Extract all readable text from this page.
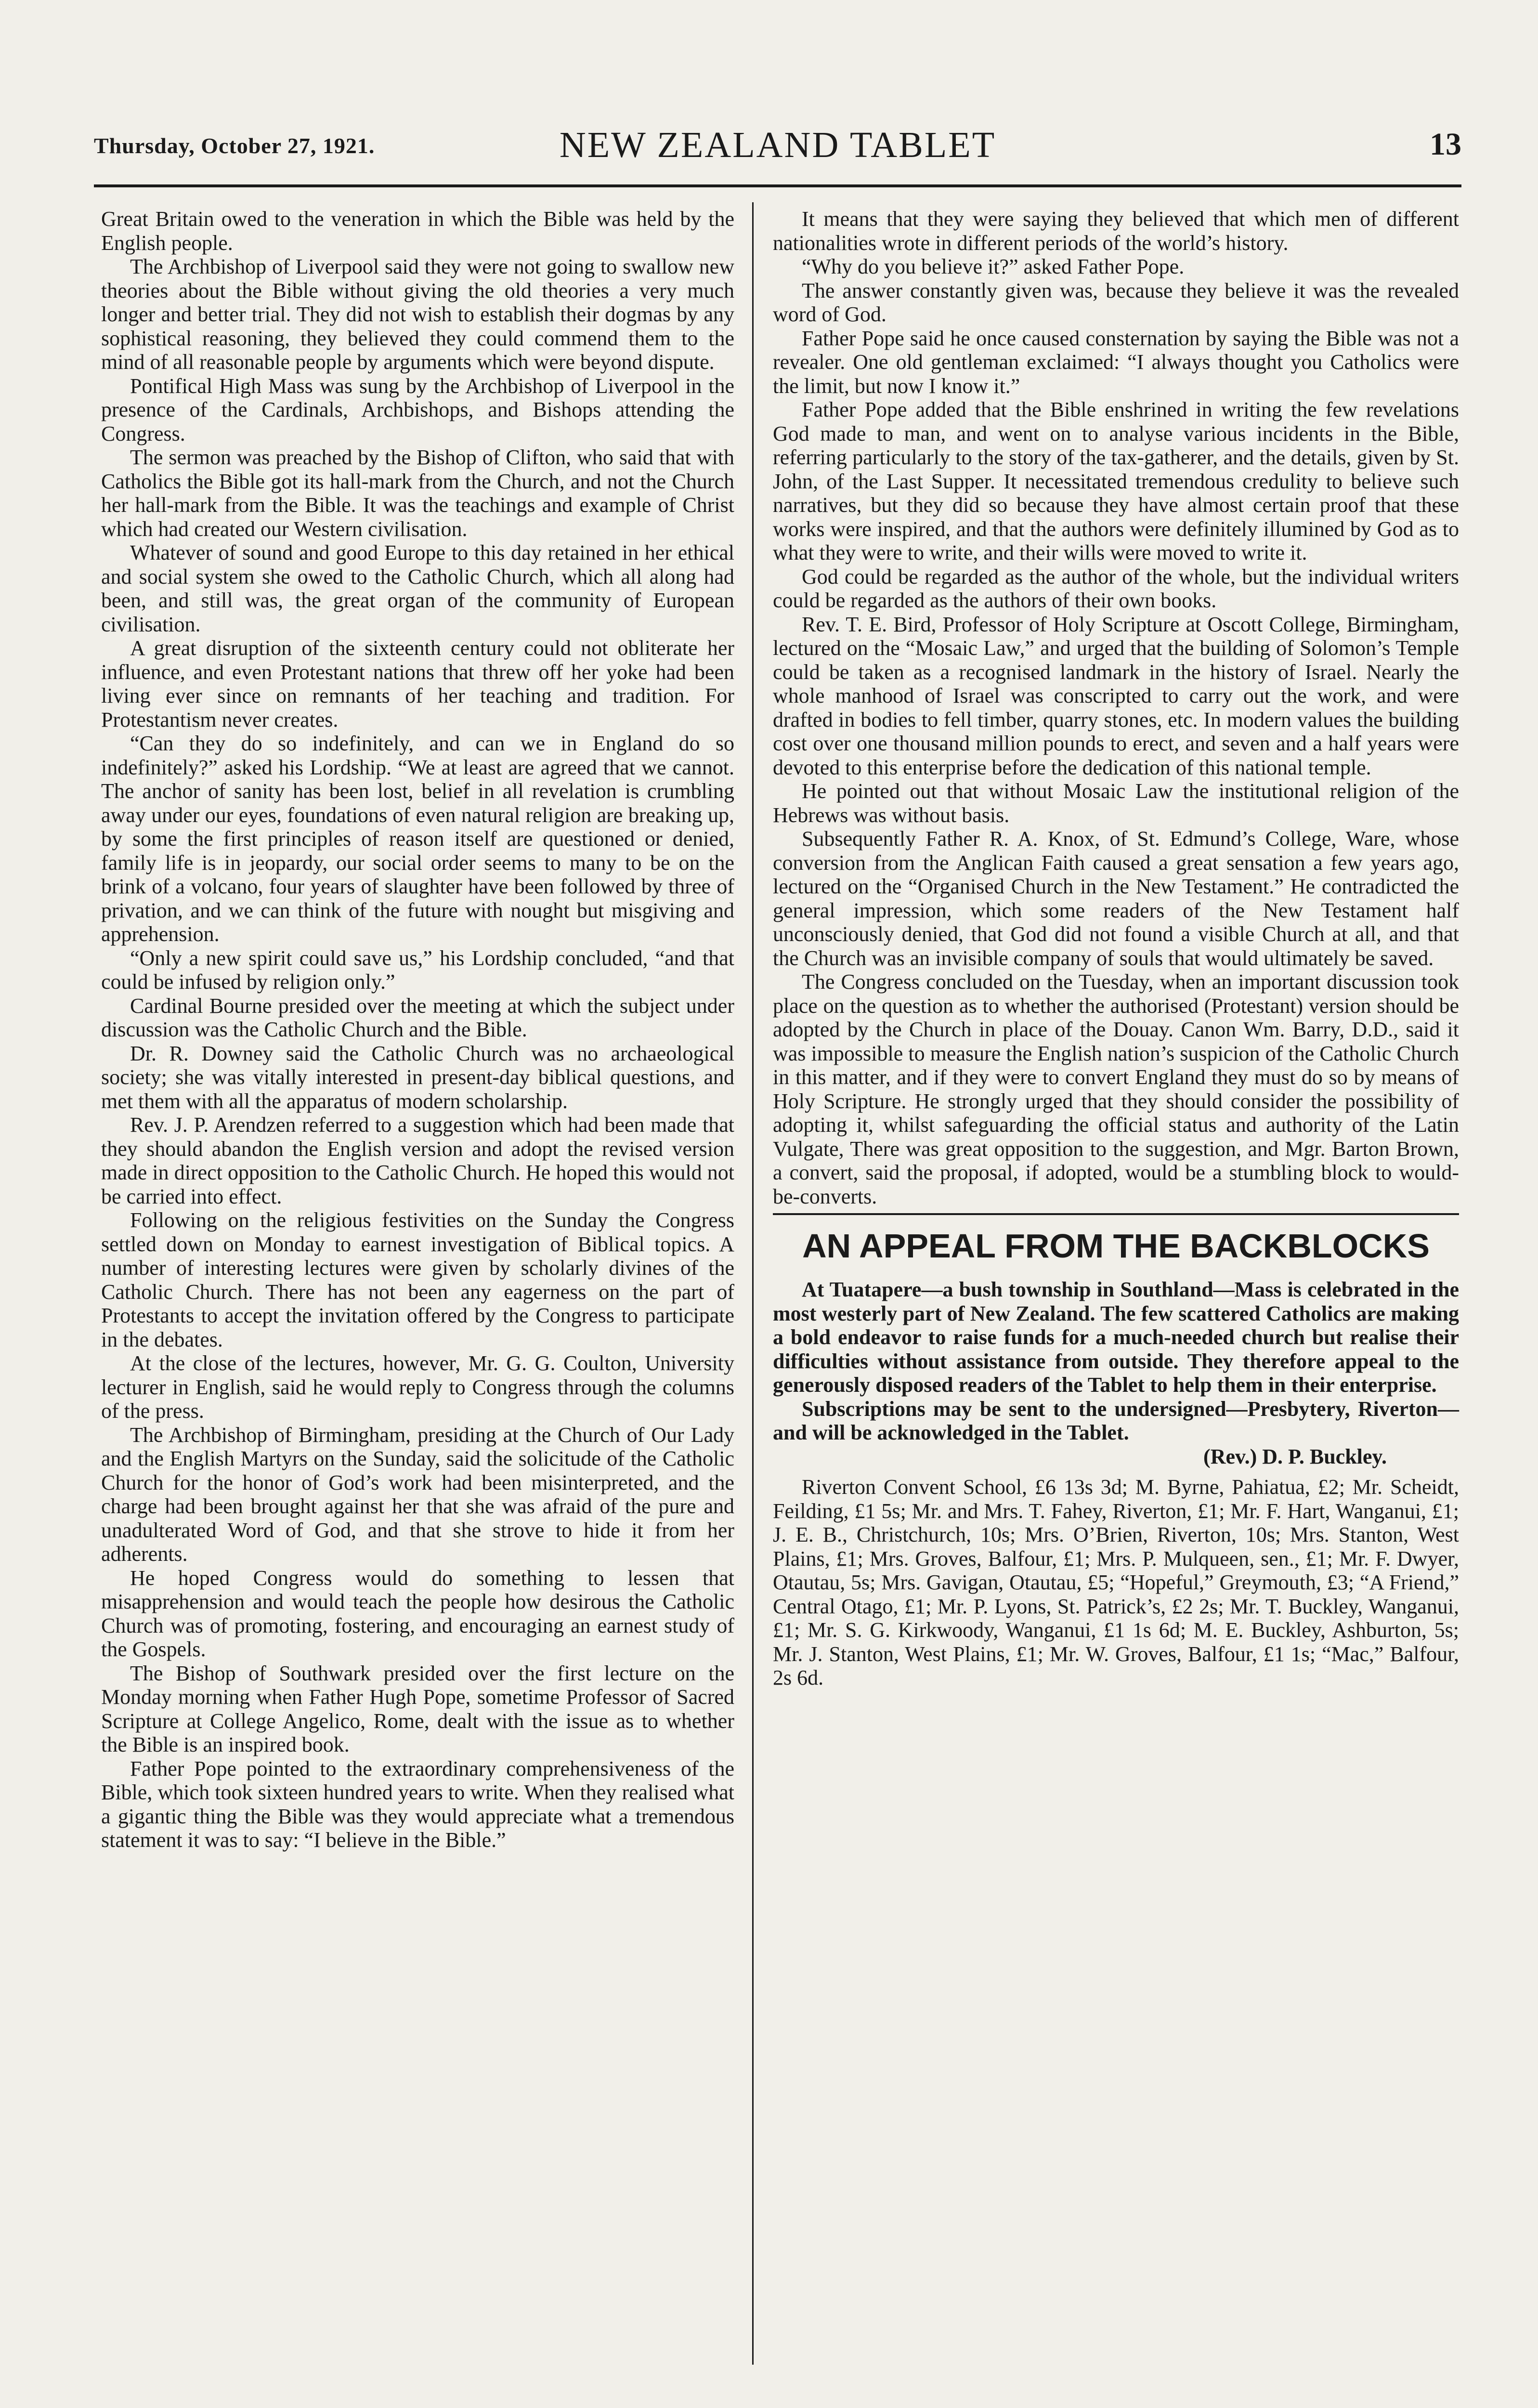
Thursday, October 27, 1921.	NEW ZEALAND TABLET	13

Great Britain owed to the veneration in which the Bible was held by the English people.

The Archbishop of Liverpool said they were not going to swallow new theories about the Bible without giving the old theories a very much longer and better trial. They did not wish to establish their dogmas by any sophistical reasoning, they believed they could commend them to the mind of all reasonable people by arguments which were beyond dispute.

Pontifical High Mass was sung by the Archbishop of Liverpool in the presence of the Cardinals, Archbishops, and Bishops attending the Congress.

The sermon was preached by the Bishop of Clifton, who said that with Catholics the Bible got its hall-mark from the Church, and not the Church her hall-mark from the Bible. It was the teachings and example of Christ which had created our Western civilisation.

Whatever of sound and good Europe to this day retained in her ethical and social system she owed to the Catholic Church, which all along had been, and still was, the great organ of the community of European civilisation.

A great disruption of the sixteenth century could not obliterate her influence, and even Protestant nations that threw off her yoke had been living ever since on remnants of her teaching and tradition. For Protestantism never creates.

“Can they do so indefinitely, and can we in England do so indefinitely?” asked his Lordship. “We at least are agreed that we cannot. The anchor of sanity has been lost, belief in all revelation is crumbling away under our eyes, foundations of even natural religion are breaking up, by some the first principles of reason itself are questioned or denied, family life is in jeopardy, our social order seems to many to be on the brink of a volcano, four years of slaughter have been followed by three of privation, and we can think of the future with nought but misgiving and apprehension.

“Only a new spirit could save us,” his Lordship concluded, “and that could be infused by religion only.”

Cardinal Bourne presided over the meeting at which the subject under discussion was the Catholic Church and the Bible.

Dr. R. Downey said the Catholic Church was no archaeological society; she was vitally interested in present-day biblical questions, and met them with all the apparatus of modern scholarship.

Rev. J. P. Arendzen referred to a suggestion which had been made that they should abandon the English version and adopt the revised version made in direct opposition to the Catholic Church. He hoped this would not be carried into effect.

Following on the religious festivities on the Sunday the Congress settled down on Monday to earnest investigation of Biblical topics. A number of interesting lectures were given by scholarly divines of the Catholic Church. There has not been any eagerness on the part of Protestants to accept the invitation offered by the Congress to participate in the debates.

At the close of the lectures, however, Mr. G. G. Coulton, University lecturer in English, said he would reply to Congress through the columns of the press.

The Archbishop of Birmingham, presiding at the Church of Our Lady and the English Martyrs on the Sunday, said the solicitude of the Catholic Church for the honor of God’s work had been misinterpreted, and the charge had been brought against her that she was afraid of the pure and unadulterated Word of God, and that she strove to hide it from her adherents.

He hoped Congress would do something to lessen that misapprehension and would teach the people how desirous the Catholic Church was of promoting, fostering, and encouraging an earnest study of the Gospels.

The Bishop of Southwark presided over the first lecture on the Monday morning when Father Hugh Pope, sometime Professor of Sacred Scripture at College Angelico, Rome, dealt with the issue as to whether the Bible is an inspired book.

Father Pope pointed to the extraordinary comprehensiveness of the Bible, which took sixteen hundred years to write. When they realised what a gigantic thing the Bible was they would appreciate what a tremendous statement it was to say: “I believe in the Bible.”

It means that they were saying they believed that which men of different nationalities wrote in different periods of the world’s history.

“Why do you believe it?” asked Father Pope.

The answer constantly given was, because they believe it was the revealed word of God.

Father Pope said he once caused consternation by saying the Bible was not a revealer. One old gentleman exclaimed: “I always thought you Catholics were the limit, but now I know it.”

Father Pope added that the Bible enshrined in writing the few revelations God made to man, and went on to analyse various incidents in the Bible, referring particularly to the story of the tax-gatherer, and the details, given by St. John, of the Last Supper. It necessitated tremendous credulity to believe such narratives, but they did so because they have almost certain proof that these works were inspired, and that the authors were definitely illumined by God as to what they were to write, and their wills were moved to write it.

God could be regarded as the author of the whole, but the individual writers could be regarded as the authors of their own books.

Rev. T. E. Bird, Professor of Holy Scripture at Oscott College, Birmingham, lectured on the “Mosaic Law,” and urged that the building of Solomon’s Temple could be taken as a recognised landmark in the history of Israel. Nearly the whole manhood of Israel was conscripted to carry out the work, and were drafted in bodies to fell timber, quarry stones, etc. In modern values the building cost over one thousand million pounds to erect, and seven and a half years were devoted to this enterprise before the dedication of this national temple.

He pointed out that without Mosaic Law the institutional religion of the Hebrews was without basis.

Subsequently Father R. A. Knox, of St. Edmund’s College, Ware, whose conversion from the Anglican Faith caused a great sensation a few years ago, lectured on the “Organised Church in the New Testament.” He contradicted the general impression, which some readers of the New Testament half unconsciously denied, that God did not found a visible Church at all, and that the Church was an invisible company of souls that would ultimately be saved.

The Congress concluded on the Tuesday, when an important discussion took place on the question as to whether the authorised (Protestant) version should be adopted by the Church in place of the Douay. Canon Wm. Barry, D.D., said it was impossible to measure the English nation’s suspicion of the Catholic Church in this matter, and if they were to convert England they must do so by means of Holy Scripture. He strongly urged that they should consider the possibility of adopting it, whilst safeguarding the official status and authority of the Latin Vulgate, There was great opposition to the suggestion, and Mgr. Barton Brown, a convert, said the proposal, if adopted, would be a stumbling block to would-be-converts.

AN APPEAL FROM THE BACKBLOCKS

At Tuatapere—a bush township in Southland—Mass is celebrated in the most westerly part of New Zealand. The few scattered Catholics are making a bold endeavor to raise funds for a much-needed church but realise their difficulties without assistance from outside. They therefore appeal to the generously disposed readers of the Tablet to help them in their enterprise.

Subscriptions may be sent to the undersigned—Presbytery, Riverton—and will be acknowledged in the Tablet.

(Rev.) D. P. Buckley.

Riverton Convent School, £6 13s 3d; M. Byrne, Pahiatua, £2; Mr. Scheidt, Feilding, £1 5s; Mr. and Mrs. T. Fahey, Riverton, £1; Mr. F. Hart, Wanganui, £1; J. E. B., Christchurch, 10s; Mrs. O’Brien, Riverton, 10s; Mrs. Stanton, West Plains, £1; Mrs. Groves, Balfour, £1; Mrs. P. Mulqueen, sen., £1; Mr. F. Dwyer, Otautau, 5s; Mrs. Gavigan, Otautau, £5; “Hopeful,” Greymouth, £3; “A Friend,” Central Otago, £1; Mr. P. Lyons, St. Patrick’s, £2 2s; Mr. T. Buckley, Wanganui, £1; Mr. S. G. Kirkwoody, Wanganui, £1 1s 6d; M. E. Buckley, Ashburton, 5s; Mr. J. Stanton, West Plains, £1; Mr. W. Groves, Balfour, £1 1s; “Mac,” Balfour, 2s 6d.
